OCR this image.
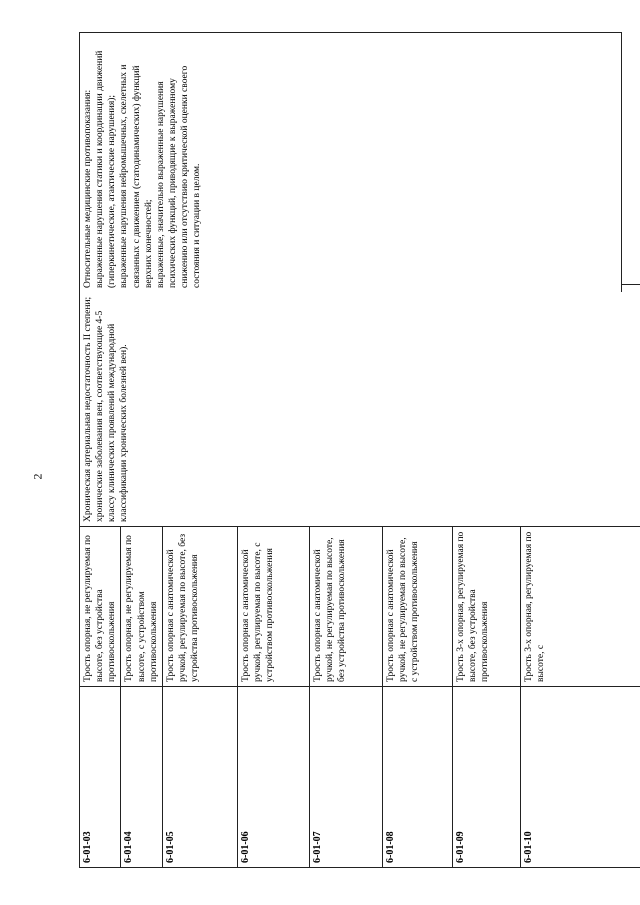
2
6-01-03	Трость опорная, не регулируемая по высоте, без устройства противоскольжения	Хроническая артериальная недостаточность II степени; хронические заболевания вен, соответствующие 4-5 классу клинических проявлений международной классификации хронических болезней вен).

6-01-04	Трость опорная, не регулируемая по высоте, с устройством противоскольжения	
6-01-05	Трость опорная с анатомической ручкой, регулируемая по высоте, без устройства противоскольжения	
6-01-06	Трость опорная с анатомической ручкой, регулируемая по высоте, с устройством противоскольжения	
6-01-07	Трость опорная с анатомической ручкой, не регулируемая по высоте, без устройства противоскольжения	
6-01-08	Трость опорная с анатомической ручкой, не регулируемая по высоте, с устройством противоскольжения	
6-01-09	Трость 3-х опорная, регулируемая по высоте, без устройства противоскольжения	
6-01-10	Трость 3-х опорная, регулируемая по высоте, с	
Относительные медицинские противопоказания: выраженные нарушения статики и координации движений (гиперкинетические, атактические нарушения); выраженные нарушения нейромышечных, скелетных и связанных с движением (статодинамических) функций верхних конечностей; выраженные, значительно выраженные нарушения психических функций, приводящие к выраженному снижению или отсутствию критической оценки своего состояния и ситуации в целом.
